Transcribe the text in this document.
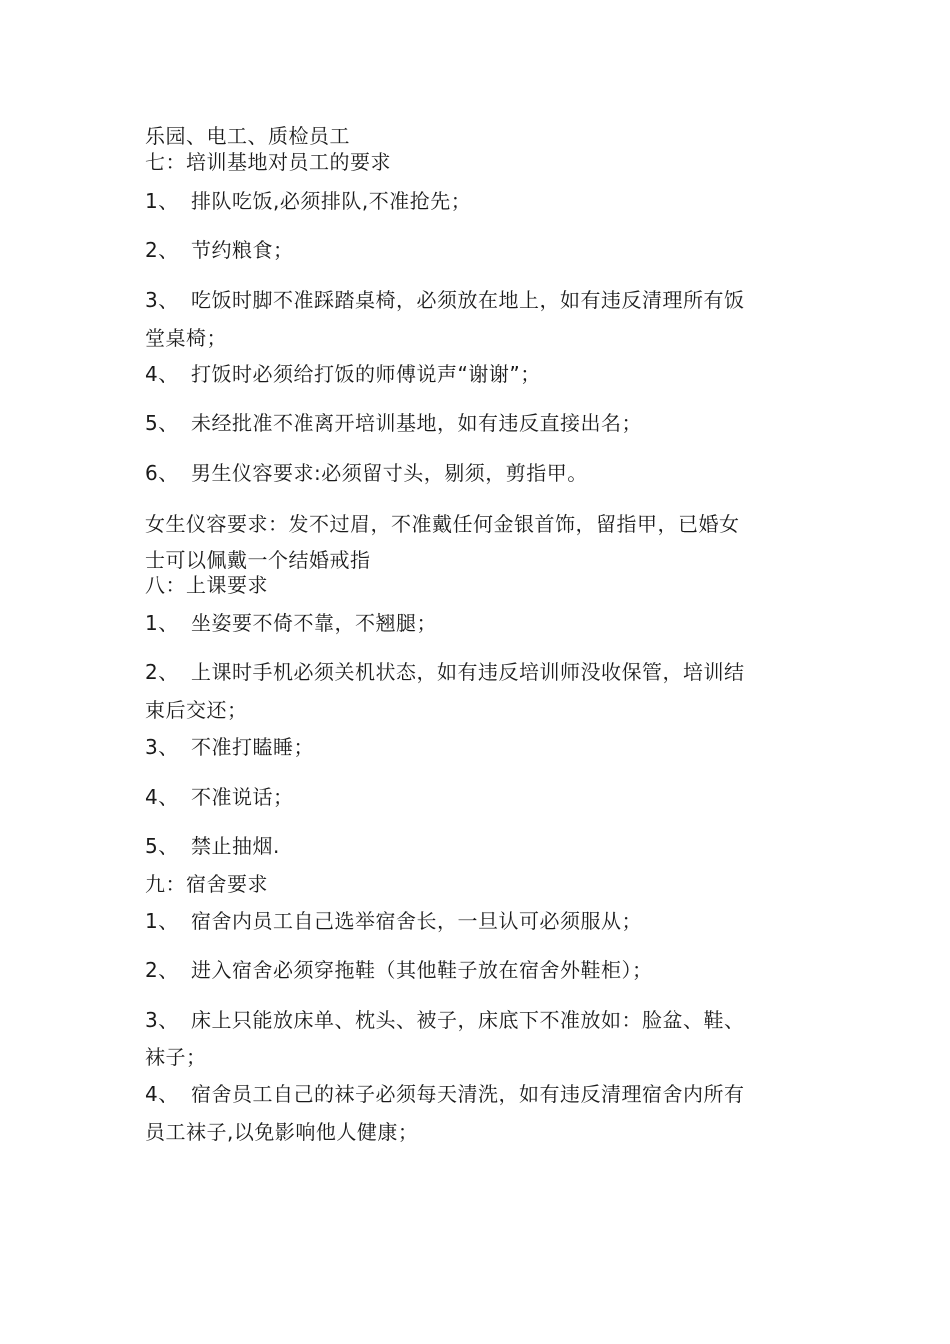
乐园、电工、质检员工
七：培训基地对员工的要求
1、 排队吃饭,必须排队,不准抢先；
2、 节约粮食；
3、 吃饭时脚不准踩踏桌椅，必须放在地上，如有违反清理所有饭
堂桌椅；
4、 打饭时必须给打饭的师傅说声“谢谢”；
5、 未经批准不准离开培训基地，如有违反直接出名；
6、 男生仪容要求:必须留寸头，剔须，剪指甲。
女生仪容要求：发不过眉，不准戴任何金银首饰，留指甲，已婚女
士可以佩戴一个结婚戒指
八：上课要求
1、 坐姿要不倚不靠，不翘腿；
2、 上课时手机必须关机状态，如有违反培训师没收保管，培训结
束后交还；
3、 不准打瞌睡；
4、 不准说话；
5、 禁止抽烟.
九：宿舍要求
1、 宿舍内员工自己选举宿舍长，一旦认可必须服从；
2、 进入宿舍必须穿拖鞋（其他鞋子放在宿舍外鞋柜）；
3、 床上只能放床单、枕头、被子，床底下不准放如：脸盆、鞋、
袜子；
4、 宿舍员工自己的袜子必须每天清洗，如有违反清理宿舍内所有
员工袜子,以免影响他人健康；
